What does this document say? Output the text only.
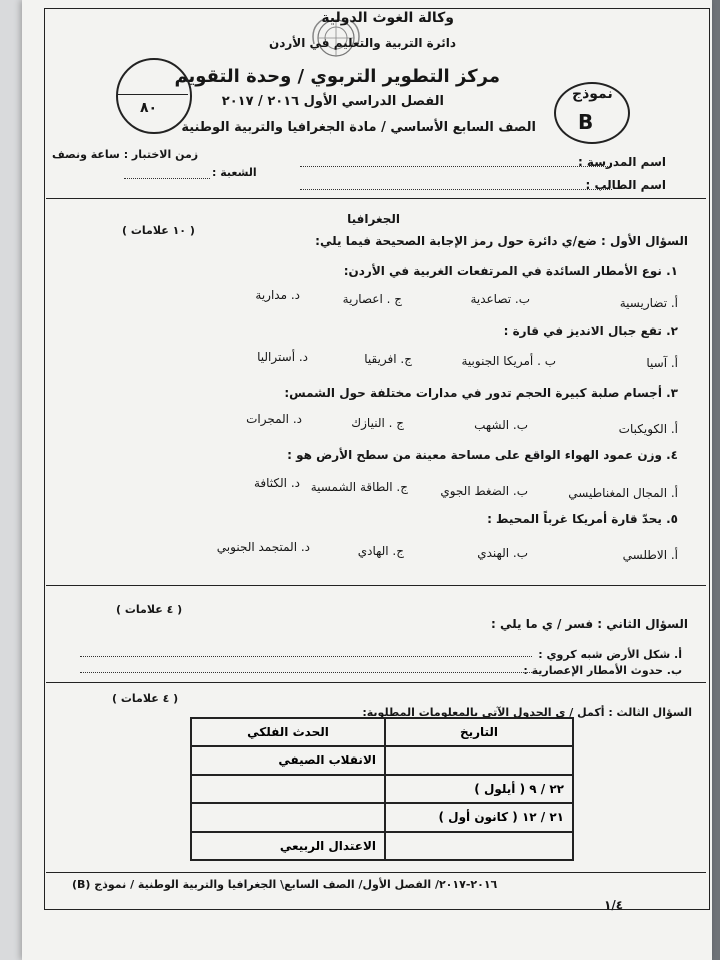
وكالة الغوث الدولية
دائرة التربية والتعليم في الأردن
مركز التطوير التربوي / وحدة التقويم
الفصل الدراسي الأول ٢٠١٦ / ٢٠١٧
الصف السابع الأساسي / مادة الجغرافيا والتربية الوطنية
٨٠
نموذج
B
اسم المدرسة :
اسم الطالب :
زمن الاختبار : ساعة ونصف
الشعبة :
الجغرافيا
( ١٠ علامات )
السؤال الأول : ضع/ي دائرة حول رمز الإجابة الصحيحة فيما يلي:
١. نوع الأمطار السائدة في المرتفعات الغربية في الأردن:
أ. تضاريسية
ب. تصاعدية
ج . اعصارية
د. مدارية
٢. تقع جبال الانديز في قارة :
أ. آسيا
ب . أمريكا الجنوبية
ج. افريقيا
د. أستراليا
٣. أجسام صلبة كبيرة الحجم تدور في مدارات مختلفة حول الشمس:
أ. الكويكبات
ب. الشهب
ج . النيازك
د. المجرات
٤. وزن عمود الهواء الواقع على مساحة معينة من سطح الأرض هو :
أ. المجال المغناطيسي
ب. الضغط الجوي
ج. الطاقة الشمسية
د. الكثافة
٥. يحدّ قارة أمريكا غرباً المحيط :
أ. الاطلسي
ب. الهندي
ج. الهادي
د. المتجمد الجنوبي
( ٤ علامات )
السؤال الثاني : فسر / ي ما يلي :
أ. شكل الأرض شبه كروي :
ب. حدوث الأمطار الإعصارية :
( ٤ علامات )
السؤال الثالث : أكمل / ي الجدول الآتي بالمعلومات المطلوبة:
التاريخ	الحدث الفلكي
	الانقلاب الصيفي
٢٢ / ٩ ( أيلول )	
٢١ / ١٢ ( كانون أول )	
	الاعتدال الربيعي
٢٠١٦-٢٠١٧/ الفصل الأول/ الصف السابع\ الجغرافيا والتربية الوطنية / نموذج (B)
١/٤
